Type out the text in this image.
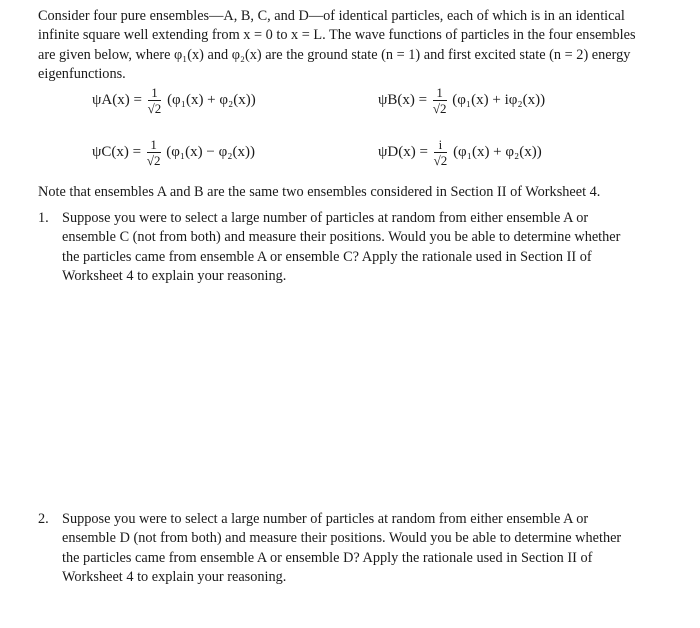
Consider four pure ensembles—A, B, C, and D—of identical particles, each of which is in an identical
infinite square well extending from x = 0 to x = L. The wave functions of particles in the four ensembles
are given below, where φ₁(x) and φ₂(x) are the ground state (n = 1) and first excited state (n = 2) energy
eigenfunctions.
$\psi A(x) = \frac{1}{√2} (\varphi_1(x) + \varphi_2(x))$	$\psi B(x) = \frac{1}{√2} (\varphi_1(x) + i\varphi_2(x))$
$\psi C(x) = \frac{1}{√2} (\varphi_1(x) - \varphi_2(x))$	$\psi D(x) = \frac{i}{√2} (\varphi_1(x) + \varphi_2(x))$
Note that ensembles A and B are the same two ensembles considered in Section II of Worksheet 4.
1. Suppose you were to select a large number of particles at random from either ensemble A or
ensemble C (not from both) and measure their positions. Would you be able to determine whether
the particles came from ensemble A or ensemble C? Apply the rationale used in Section II of
Worksheet 4 to explain your reasoning.
2. Suppose you were to select a large number of particles at random from either ensemble A or
ensemble D (not from both) and measure their positions. Would you be able to determine whether
the particles came from ensemble A or ensemble D? Apply the rationale used in Section II of
Worksheet 4 to explain your reasoning.
